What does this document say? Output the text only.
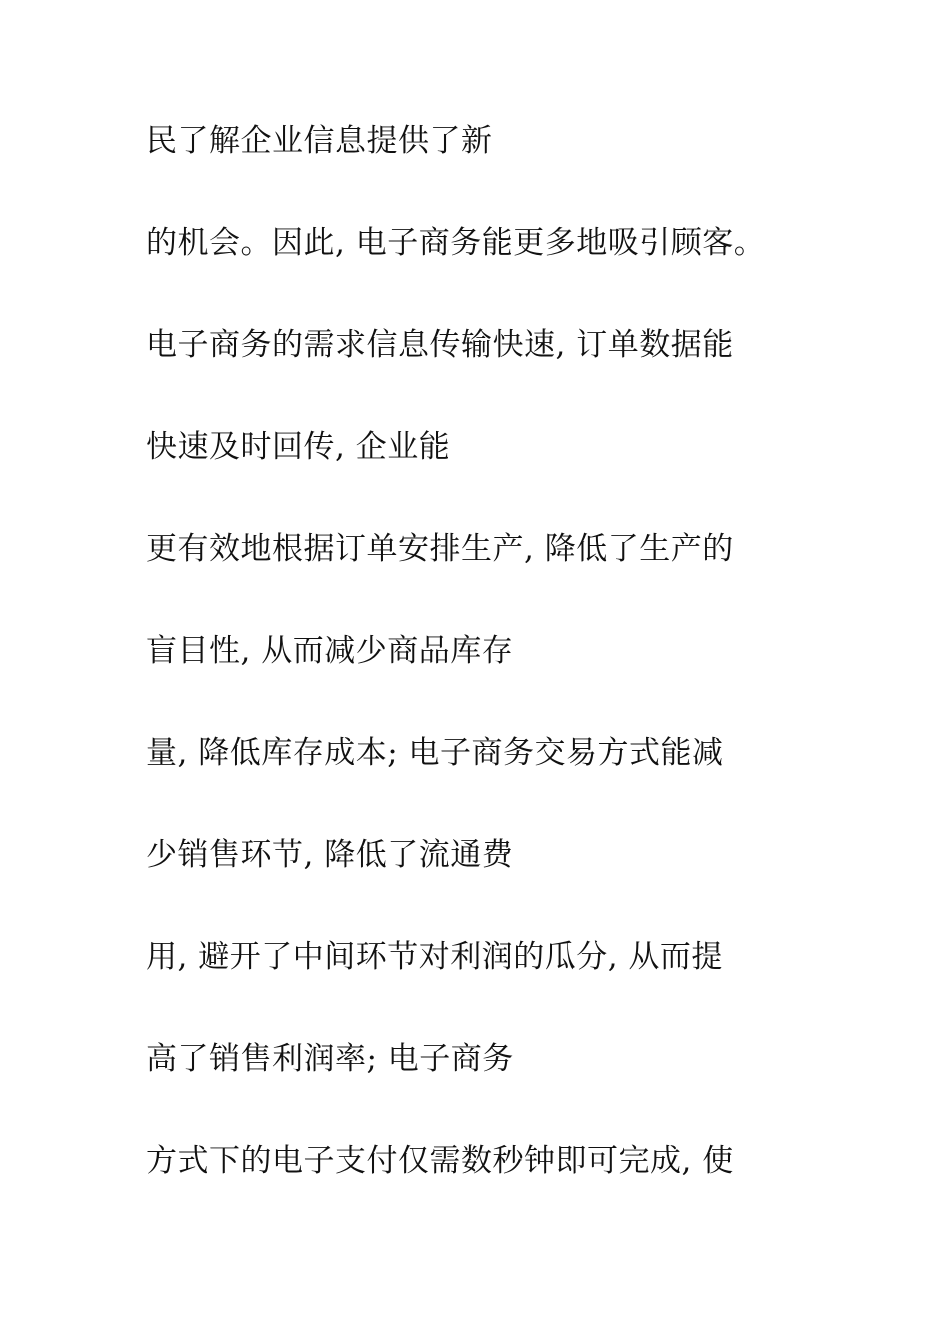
民了解企业信息提供了新
的机会。因此, 电子商务能更多地吸引顾客。
电子商务的需求信息传输快速, 订单数据能
快速及时回传, 企业能
更有效地根据订单安排生产, 降低了生产的
盲目性, 从而减少商品库存
量, 降低库存成本; 电子商务交易方式能减
少销售环节, 降低了流通费
用, 避开了中间环节对利润的瓜分, 从而提
高了销售利润率; 电子商务
方式下的电子支付仅需数秒钟即可完成, 使
